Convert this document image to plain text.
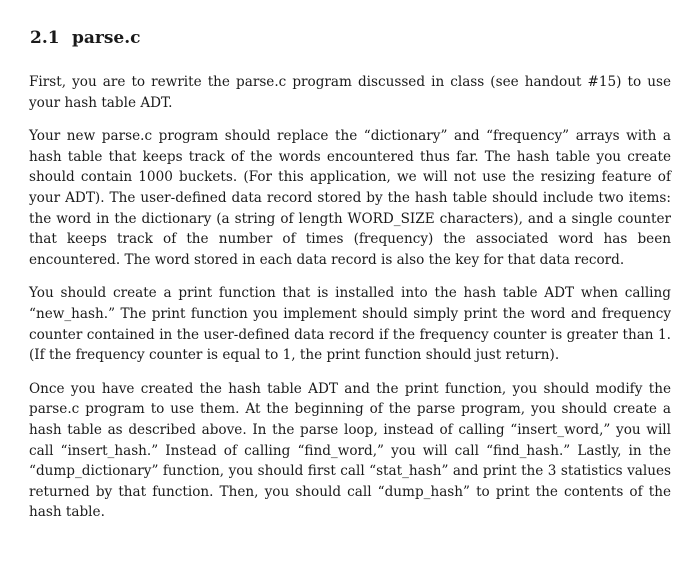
2.1 parse.c

First, you are to rewrite the parse.c program discussed in class (see handout #15) to use your hash table ADT.

Your new parse.c program should replace the “dictionary” and “frequency” arrays with a hash table that keeps track of the words encountered thus far. The hash table you create should contain 1000 buckets. (For this application, we will not use the resizing feature of your ADT). The user-defined data record stored by the hash table should include two items: the word in the dictionary (a string of length WORD_SIZE characters), and a single counter that keeps track of the number of times (frequency) the associated word has been encountered. The word stored in each data record is also the key for that data record.

You should create a print function that is installed into the hash table ADT when calling “new_hash.” The print function you implement should simply print the word and frequency counter contained in the user-defined data record if the frequency counter is greater than 1. (If the frequency counter is equal to 1, the print function should just return).

Once you have created the hash table ADT and the print function, you should modify the parse.c program to use them. At the beginning of the parse program, you should create a hash table as described above. In the parse loop, instead of calling “insert_word,” you will call “insert_hash.” Instead of calling “find_word,” you will call “find_hash.” Lastly, in the “dump_dictionary” function, you should first call “stat_hash” and print the 3 statistics values returned by that function. Then, you should call “dump_hash” to print the contents of the hash table.
